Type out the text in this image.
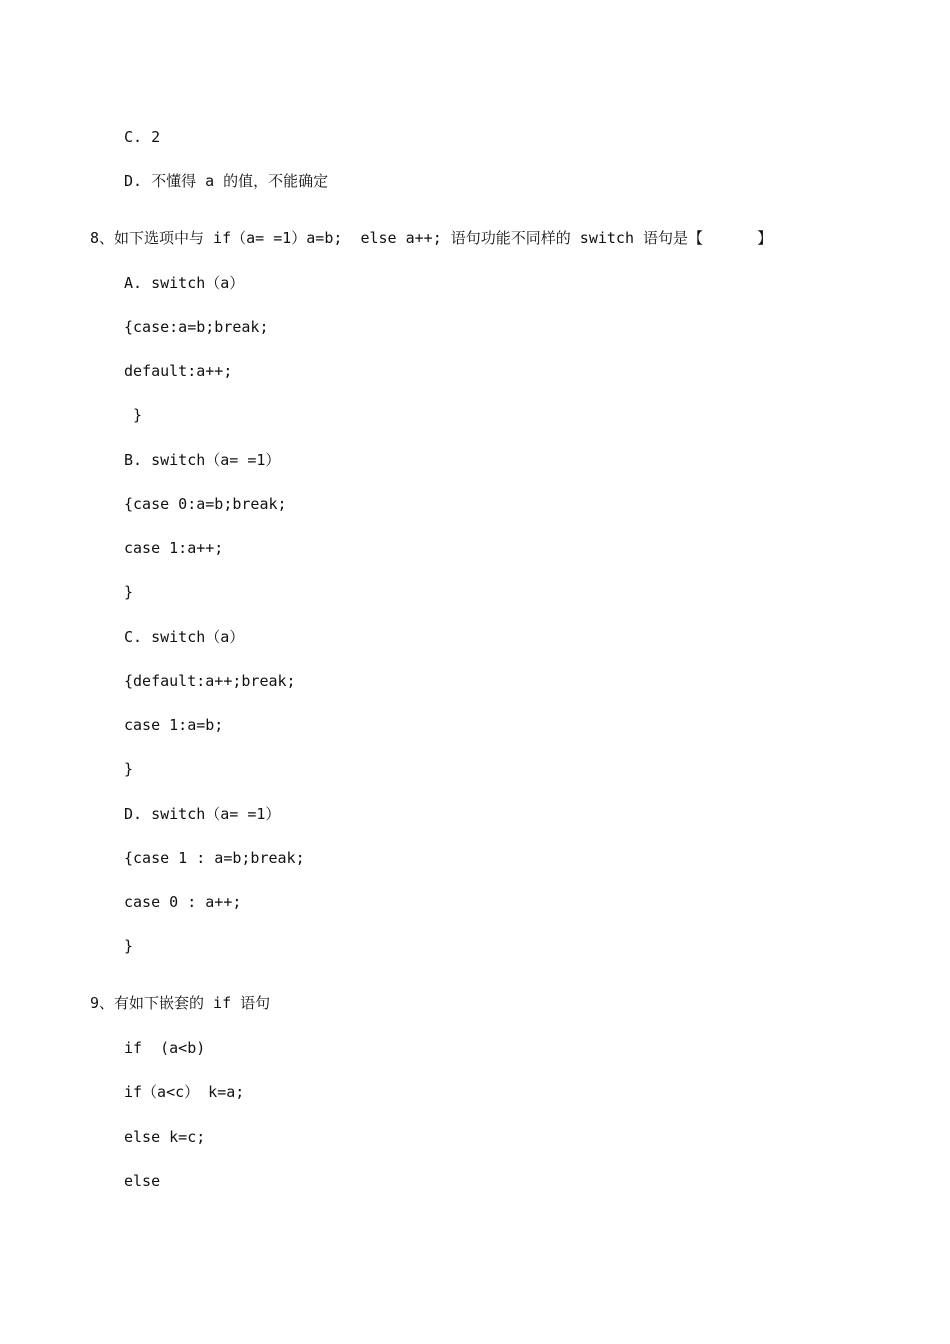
C. 2
D. 不懂得 a 的值，不能确定
8、如下选项中与 if（a= =1）a=b;  else a++; 语句功能不同样的 switch 语句是【      】
A. switch（a）
{case:a=b;break;
default:a++;
}
B. switch（a= =1）
{case 0:a=b;break;
case 1:a++;
}
C. switch（a）
{default:a++;break;
case 1:a=b;
}
D. switch（a= =1）
{case 1 : a=b;break;
case 0 : a++;
}
9、有如下嵌套的 if 语句
if  (a<b)
if（a<c） k=a;
else k=c;
else
